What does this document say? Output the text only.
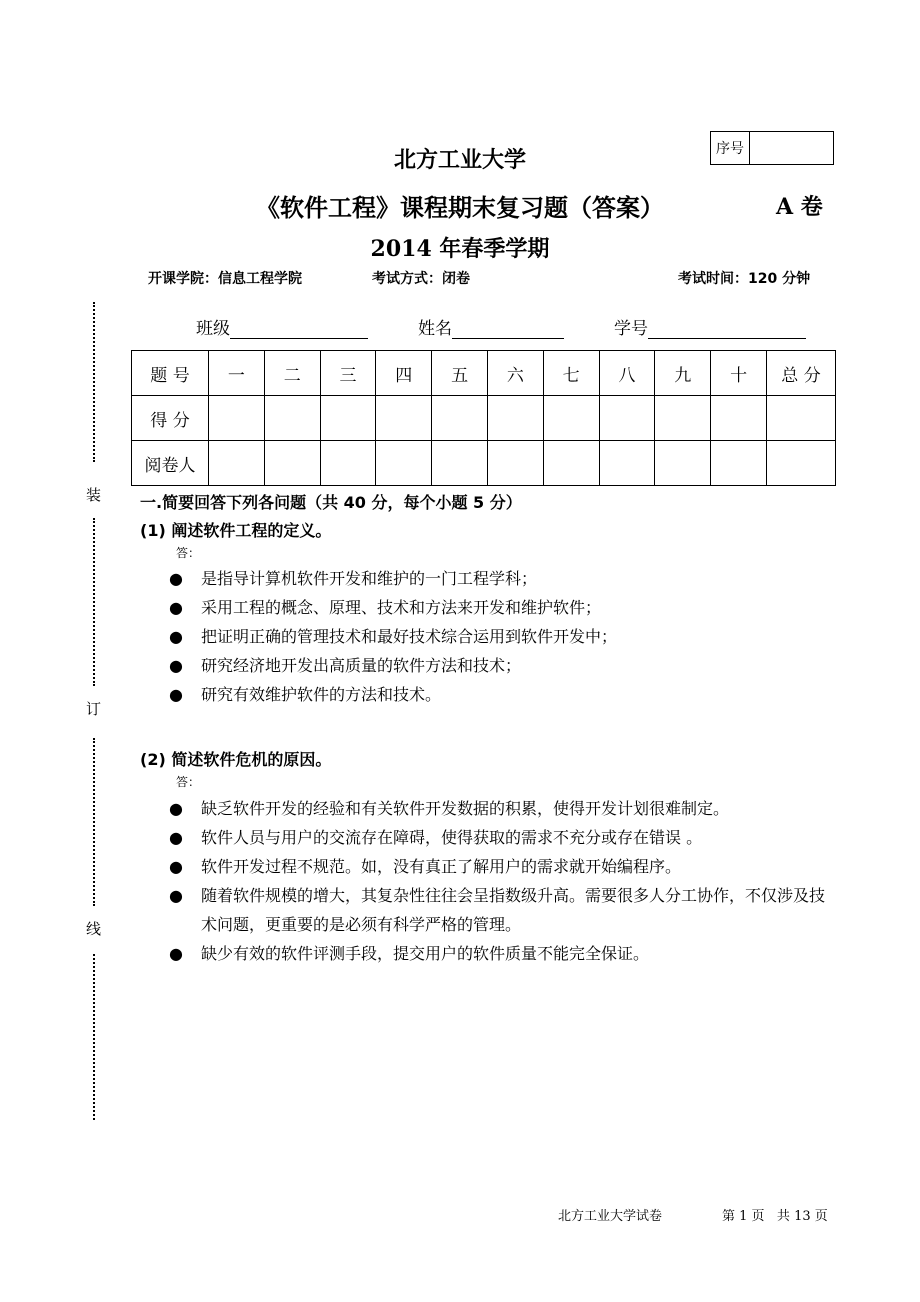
序号
北方工业大学
《软件工程》课程期末复习题（答案）	A 卷
2014 年春季学期
开课学院：信息工程学院	考试方式：闭卷	考试时间：120 分钟
班级	姓名	学号
装
订
线
题 号	一	二	三	四	五	六	七	八	九	十	总 分
得 分											
阅卷人											
一.简要回答下列各问题（共 40 分，每个小题 5 分）
(1) 阐述软件工程的定义。
答：
● 是指导计算机软件开发和维护的一门工程学科；
● 采用工程的概念、原理、技术和方法来开发和维护软件；
● 把证明正确的管理技术和最好技术综合运用到软件开发中；
● 研究经济地开发出高质量的软件方法和技术；
● 研究有效维护软件的方法和技术。
(2) 简述软件危机的原因。
答：
● 缺乏软件开发的经验和有关软件开发数据的积累，使得开发计划很难制定。
● 软件人员与用户的交流存在障碍，使得获取的需求不充分或存在错误 。
● 软件开发过程不规范。如，没有真正了解用户的需求就开始编程序。
● 随着软件规模的增大，其复杂性往往会呈指数级升高。需要很多人分工协作，不仅涉及技术问题，更重要的是必须有科学严格的管理。
● 缺少有效的软件评测手段，提交用户的软件质量不能完全保证。
北方工业大学试卷	第 1 页   共 13 页
